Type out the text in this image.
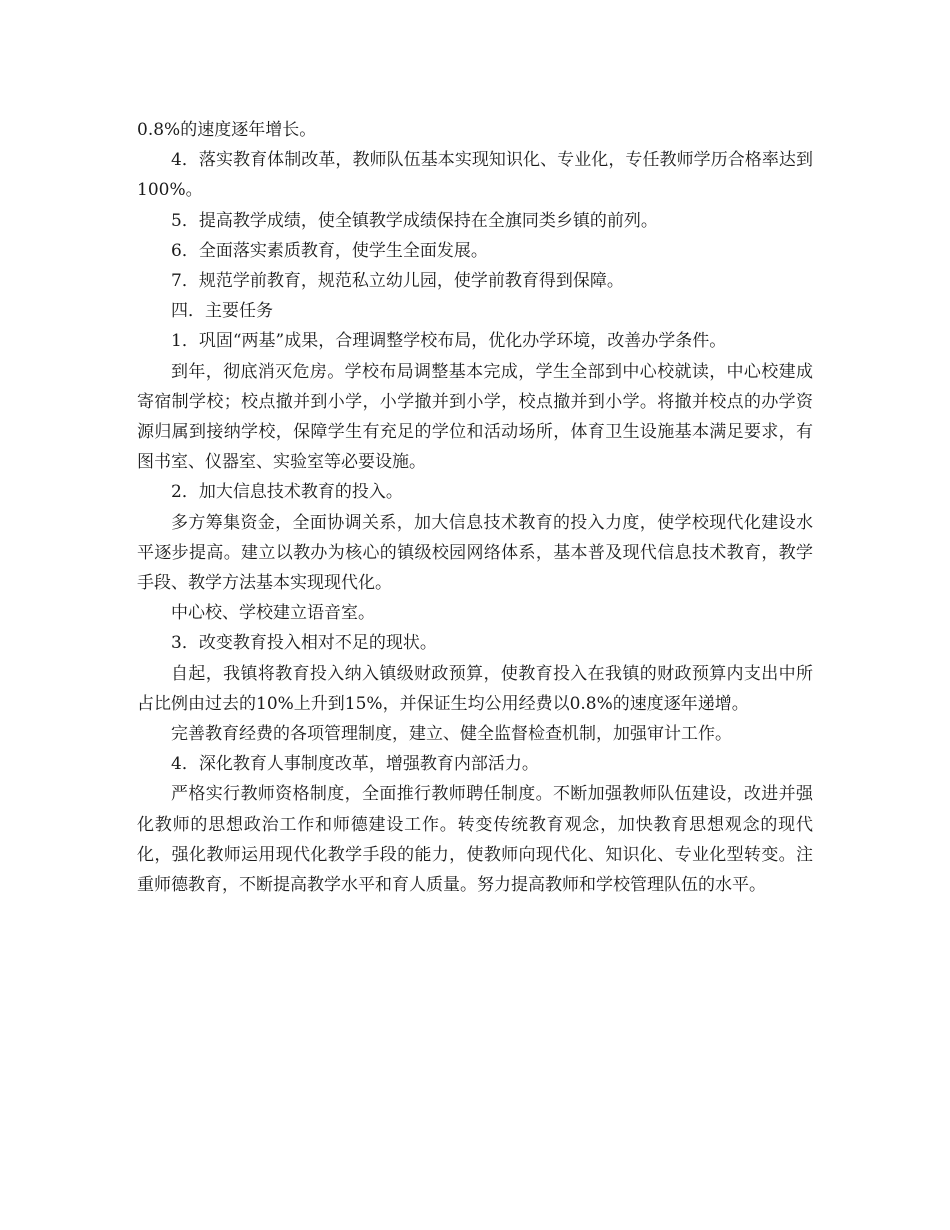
0.8%的速度逐年增长。

4．落实教育体制改革，教师队伍基本实现知识化、专业化，专任教师学历合格率达到100%。

5．提高教学成绩，使全镇教学成绩保持在全旗同类乡镇的前列。

6．全面落实素质教育，使学生全面发展。

7．规范学前教育，规范私立幼儿园，使学前教育得到保障。

四．主要任务

1．巩固“两基”成果，合理调整学校布局，优化办学环境，改善办学条件。

到年，彻底消灭危房。学校布局调整基本完成，学生全部到中心校就读，中心校建成寄宿制学校；校点撤并到小学，小学撤并到小学，校点撤并到小学。将撤并校点的办学资源归属到接纳学校，保障学生有充足的学位和活动场所，体育卫生设施基本满足要求，有图书室、仪器室、实验室等必要设施。

2．加大信息技术教育的投入。

多方筹集资金，全面协调关系，加大信息技术教育的投入力度，使学校现代化建设水平逐步提高。建立以教办为核心的镇级校园网络体系，基本普及现代信息技术教育，教学手段、教学方法基本实现现代化。

中心校、学校建立语音室。

3．改变教育投入相对不足的现状。

自起，我镇将教育投入纳入镇级财政预算，使教育投入在我镇的财政预算内支出中所占比例由过去的10%上升到15%，并保证生均公用经费以0.8%的速度逐年递增。

完善教育经费的各项管理制度，建立、健全监督检查机制，加强审计工作。

4．深化教育人事制度改革，增强教育内部活力。

严格实行教师资格制度，全面推行教师聘任制度。不断加强教师队伍建设，改进并强化教师的思想政治工作和师德建设工作。转变传统教育观念，加快教育思想观念的现代化，强化教师运用现代化教学手段的能力，使教师向现代化、知识化、专业化型转变。注重师德教育，不断提高教学水平和育人质量。努力提高教师和学校管理队伍的水平。
